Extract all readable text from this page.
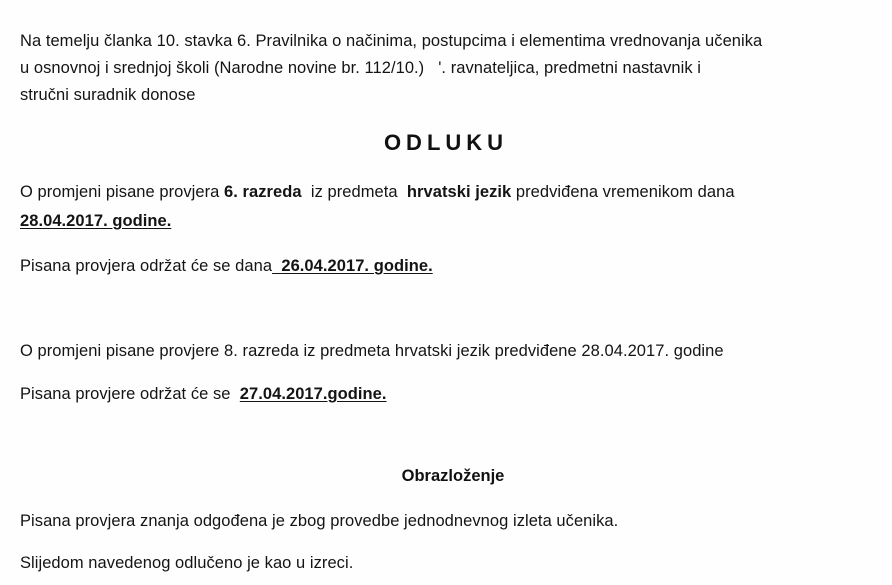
Na temelju članka 10. stavka 6. Pravilnika o načinima, postupcima i elementima vrednovanja učenika
u osnovnoj i srednjoj školi (Narodne novine br. 112/10.) '. ravnateljica, predmetni nastavnik i
stručni suradnik donose
ODLUKU
O promjeni pisane provjera 6. razreda iz predmeta hrvatski jezik predviđena vremenikom dana
28.04.2017. godine.
Pisana provjera održat će se dana 26.04.2017. godine.
O promjeni pisane provjere 8. razreda iz predmeta hrvatski jezik predviđene 28.04.2017. godine
Pisana provjere održat će se 27.04.2017.godine.
Obrazloženje
Pisana provjera znanja odgođena je zbog provedbe jednodnevnog izleta učenika.
Slijedom navedenog odlučeno je kao u izreci.
